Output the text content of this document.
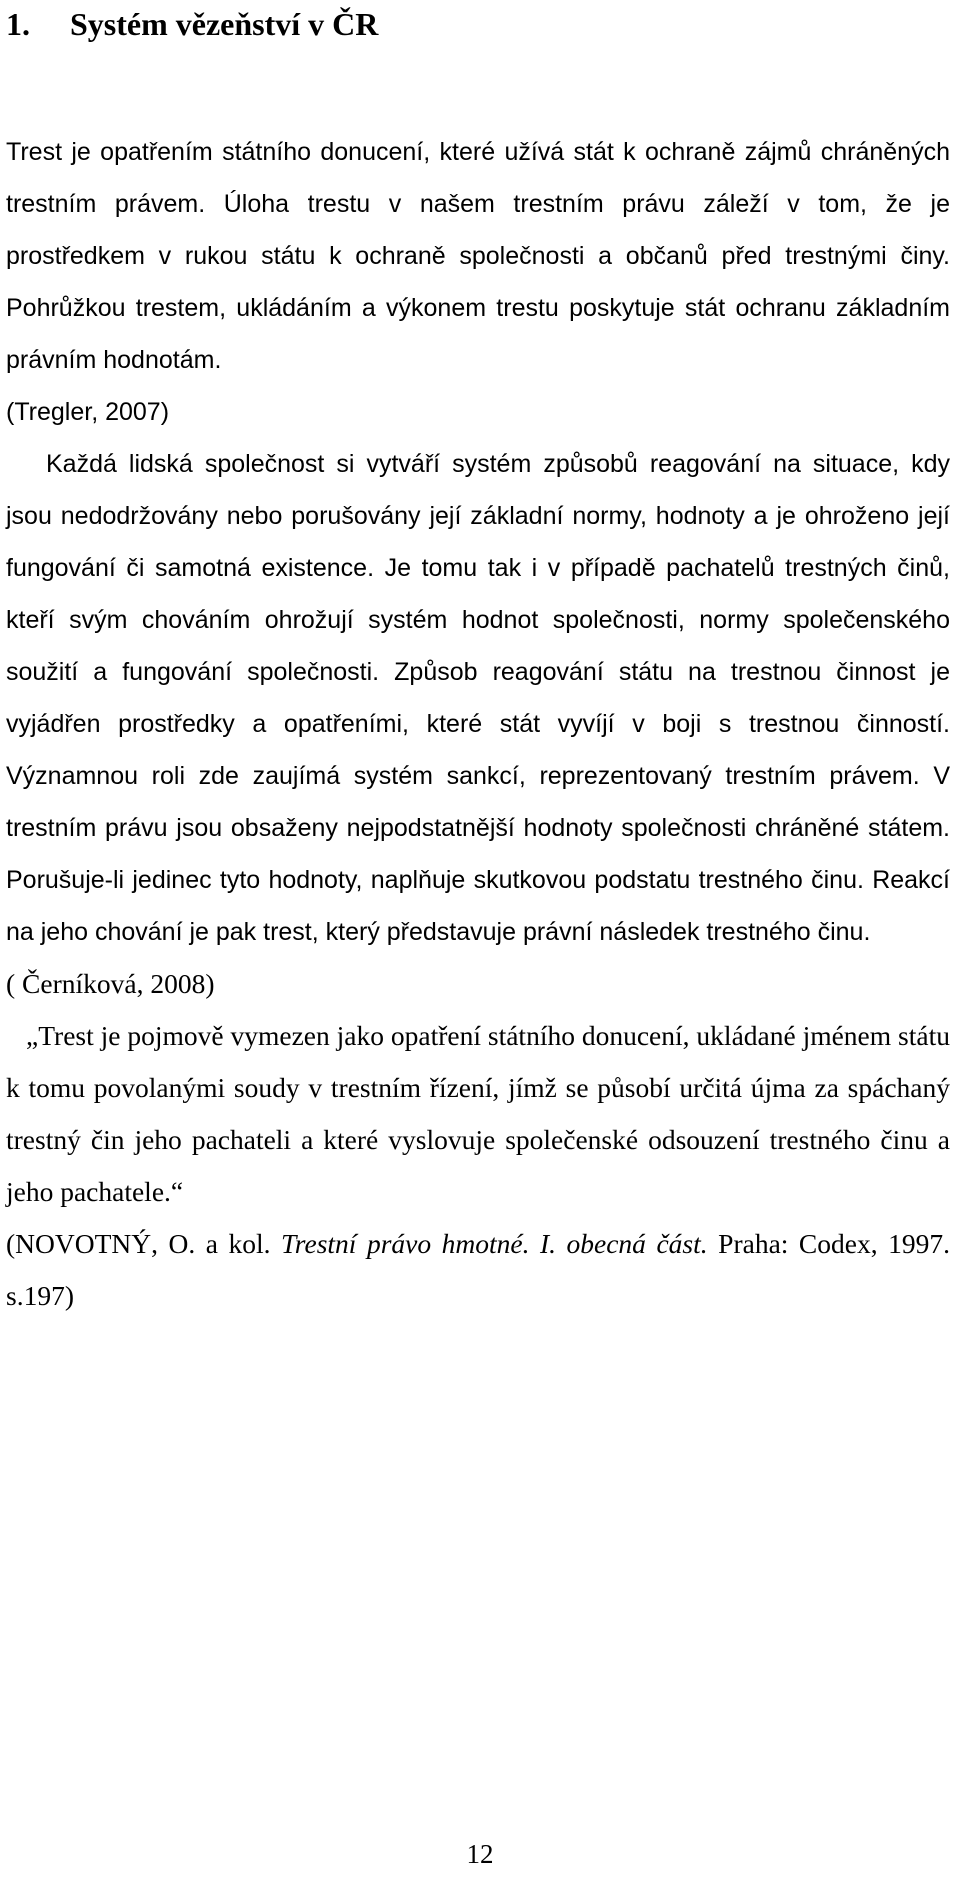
1. Systém vězeňství v ČR

Trest je opatřením státního donucení, které užívá stát k ochraně zájmů chráněných trestním právem. Úloha trestu v našem trestním právu záleží v tom, že je prostředkem v rukou státu k ochraně společnosti a občanů před trestnými činy. Pohrůžkou trestem, ukládáním a výkonem trestu poskytuje stát ochranu základním právním hodnotám.

(Tregler, 2007)

Každá lidská společnost si vytváří systém způsobů reagování na situace, kdy jsou nedodržovány nebo porušovány její základní normy, hodnoty a je ohroženo její fungování či samotná existence. Je tomu tak i v případě pachatelů trestných činů, kteří svým chováním ohrožují systém hodnot společnosti, normy společenského soužití a fungování společnosti. Způsob reagování státu na trestnou činnost je vyjádřen prostředky a opatřeními, které stát vyvíjí v boji s trestnou činností. Významnou roli zde zaujímá systém sankcí, reprezentovaný trestním právem. V trestním právu jsou obsaženy nejpodstatnější hodnoty společnosti chráněné státem. Porušuje-li jedinec tyto hodnoty, naplňuje skutkovou podstatu trestného činu. Reakcí na jeho chování je pak trest, který představuje právní následek trestného činu.

( Černíková, 2008)

„Trest je pojmově vymezen jako opatření státního donucení, ukládané jménem státu k tomu povolanými soudy v trestním řízení, jímž se působí určitá újma za spáchaný trestný čin jeho pachateli a které vyslovuje společenské odsouzení trestného činu a jeho pachatele.“

(NOVOTNÝ, O. a kol. Trestní právo hmotné. I. obecná část. Praha: Codex, 1997. s.197)

12
